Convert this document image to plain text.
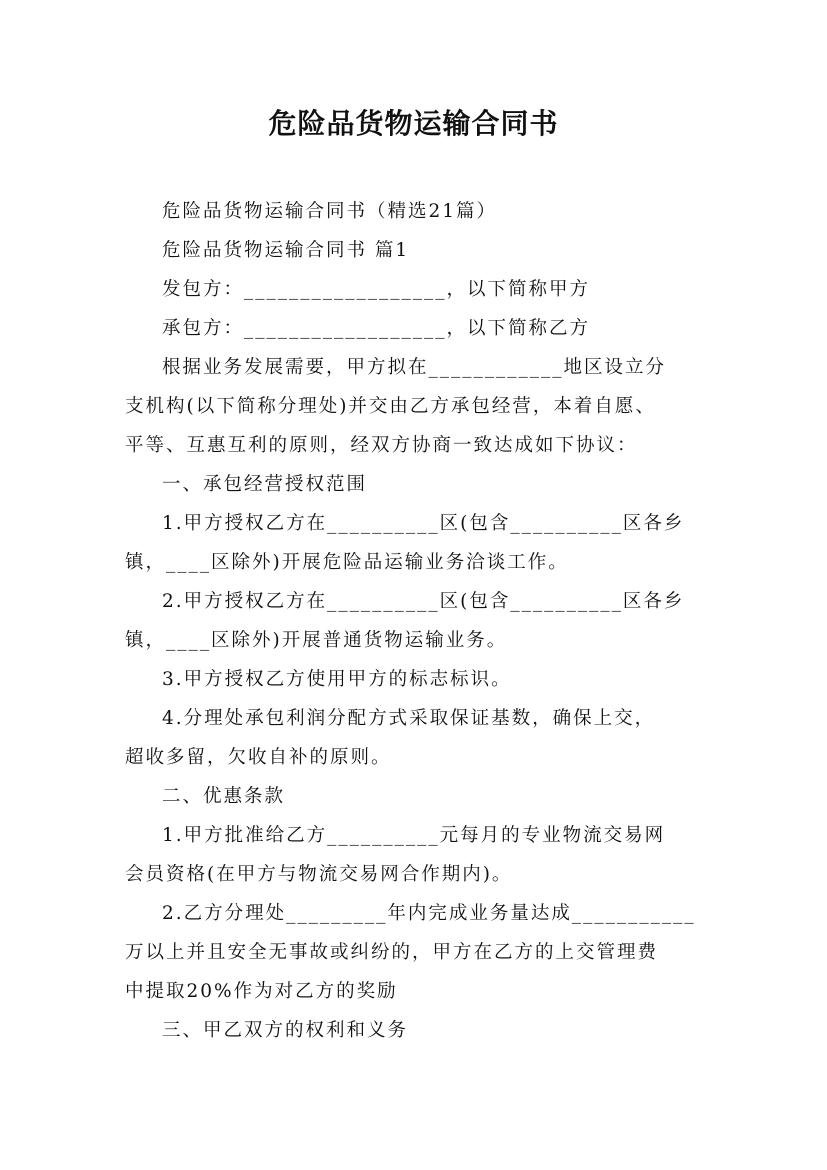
危险品货物运输合同书

危险品货物运输合同书（精选21篇）

危险品货物运输合同书 篇1

发包方：__________________，以下简称甲方

承包方：__________________，以下简称乙方

根据业务发展需要，甲方拟在____________地区设立分

支机构(以下简称分理处)并交由乙方承包经营，本着自愿、

平等、互惠互利的原则，经双方协商一致达成如下协议：

一、承包经营授权范围

1.甲方授权乙方在__________区(包含__________区各乡

镇，____区除外)开展危险品运输业务洽谈工作。

2.甲方授权乙方在__________区(包含__________区各乡

镇，____区除外)开展普通货物运输业务。

3.甲方授权乙方使用甲方的标志标识。

4.分理处承包利润分配方式采取保证基数，确保上交，

超收多留，欠收自补的原则。

二、优惠条款

1.甲方批准给乙方__________元每月的专业物流交易网

会员资格(在甲方与物流交易网合作期内)。

2.乙方分理处_________年内完成业务量达成___________

万以上并且安全无事故或纠纷的，甲方在乙方的上交管理费

中提取20%作为对乙方的奖励

三、甲乙双方的权利和义务
